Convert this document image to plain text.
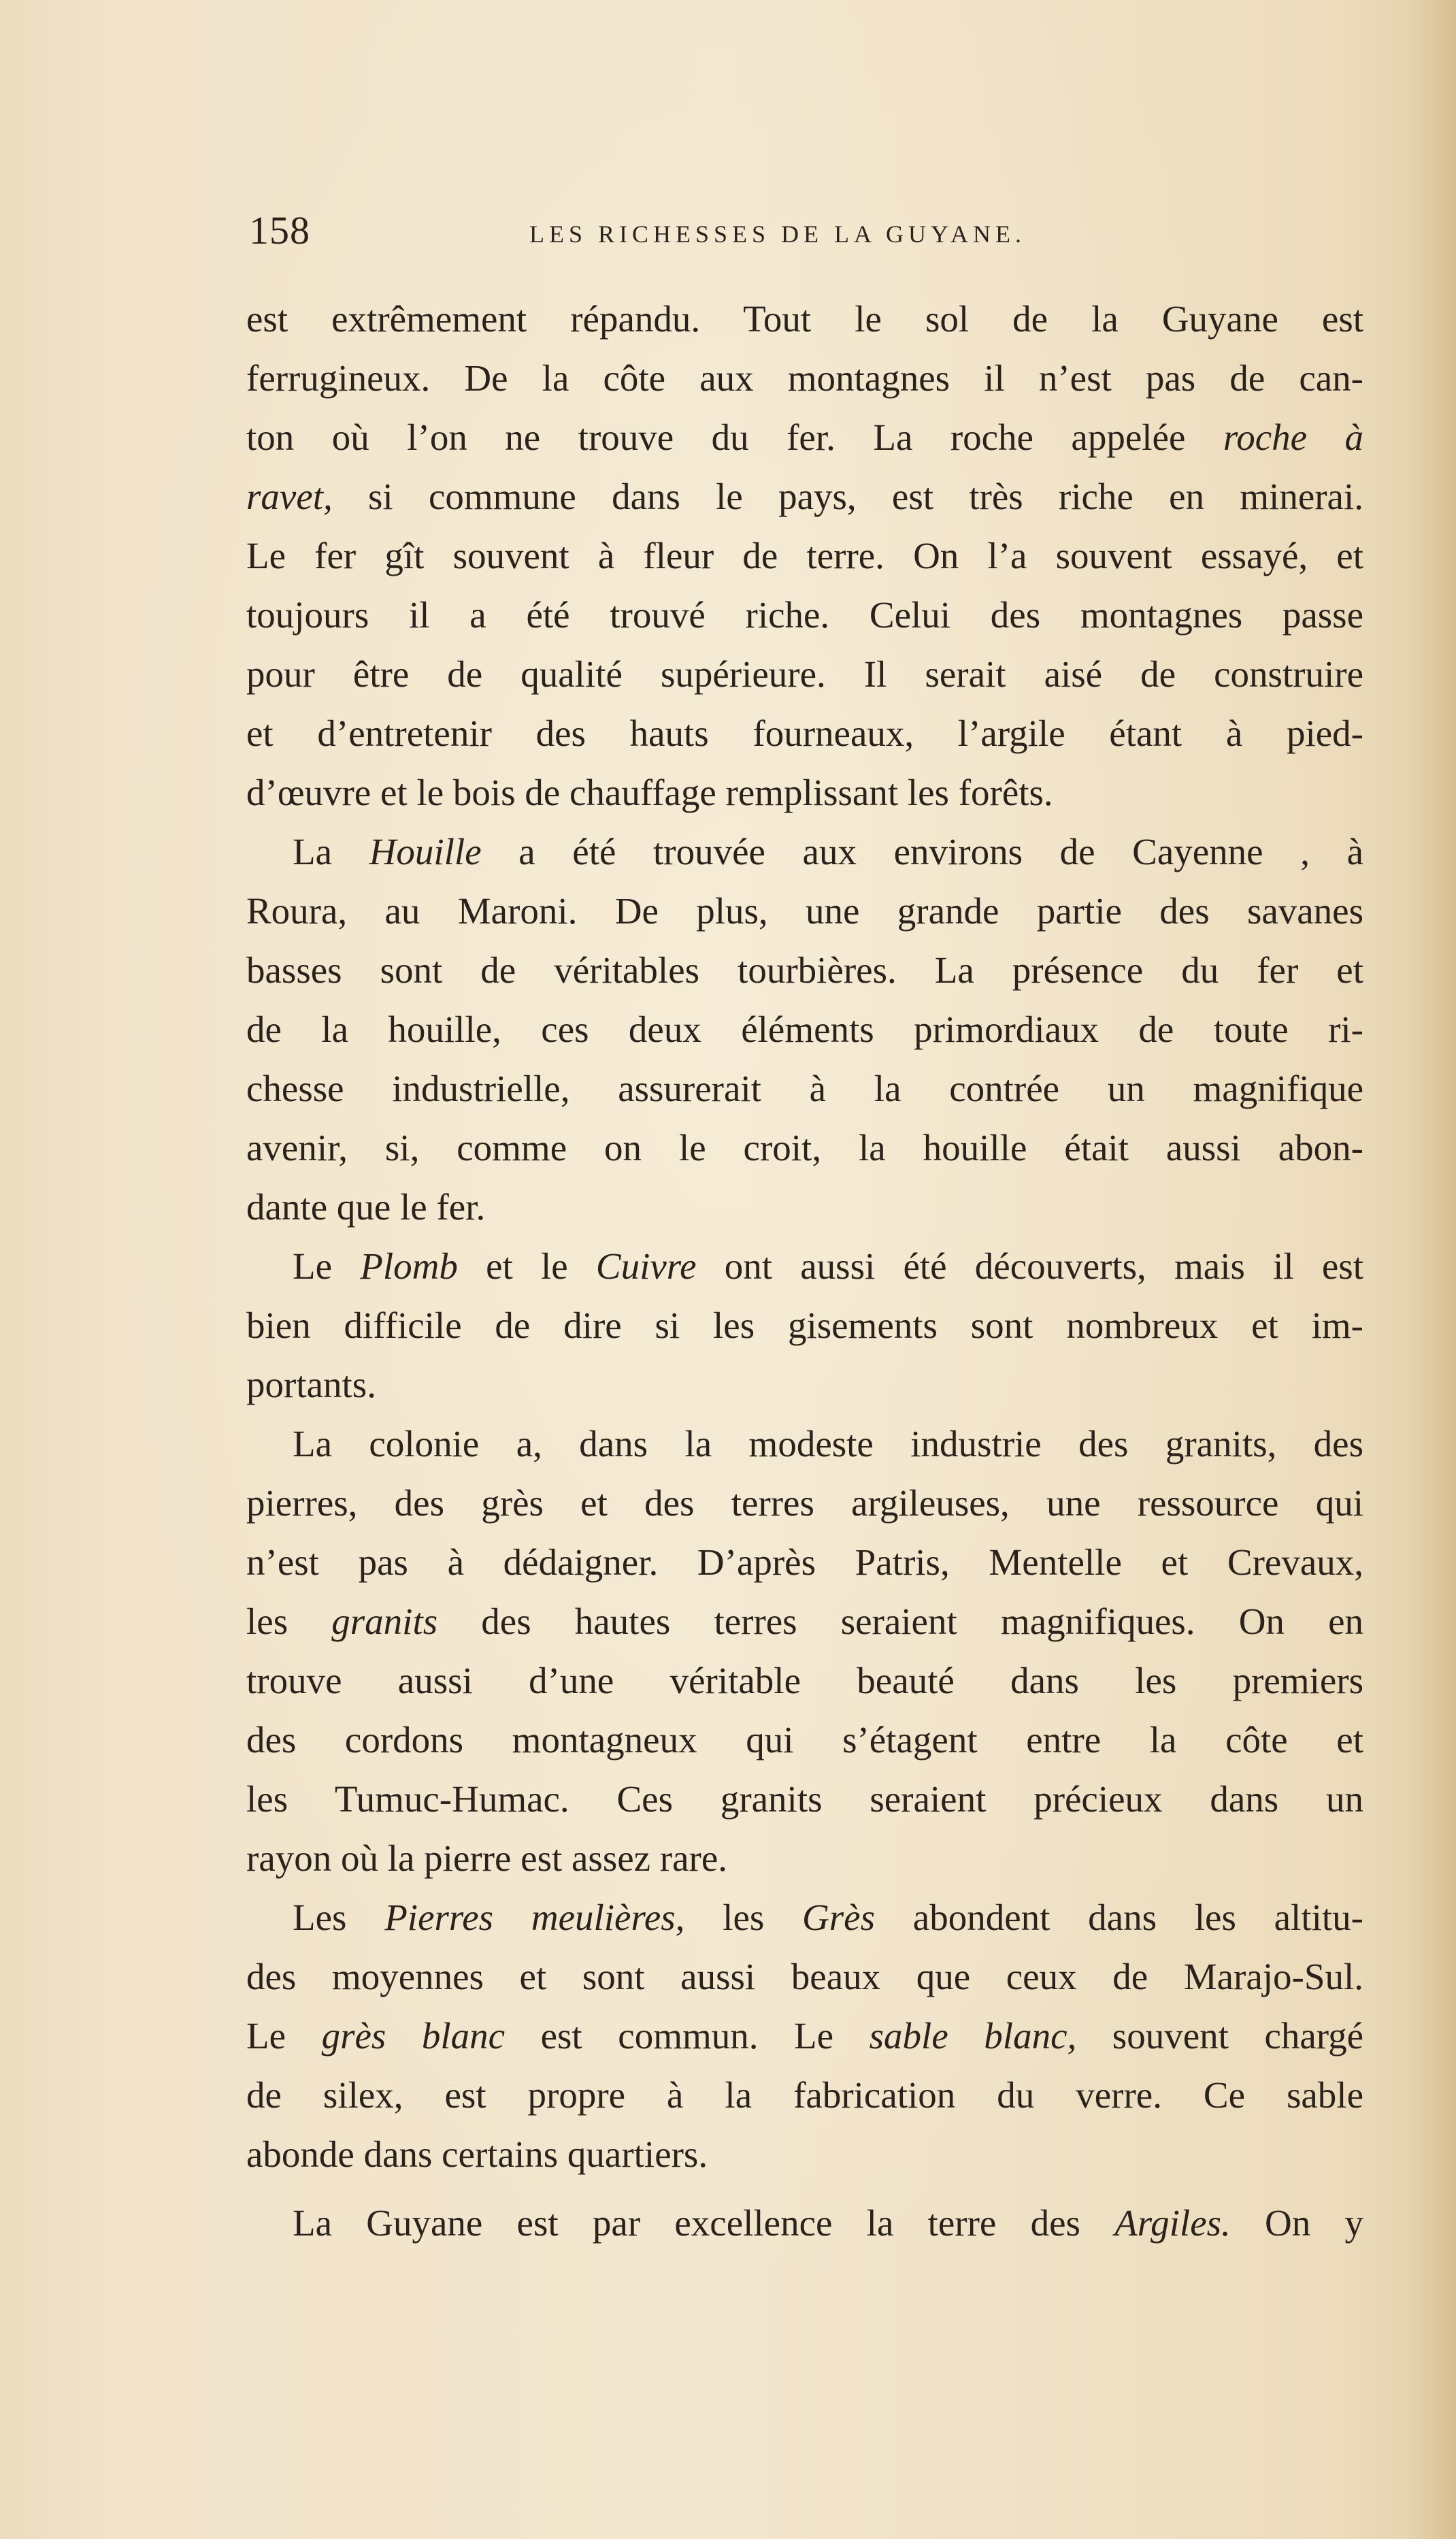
158	LES RICHESSES DE LA GUYANE.
est extrêmement répandu. Tout le sol de la Guyane est
ferrugineux. De la côte aux montagnes il n’est pas de can-
ton où l’on ne trouve du fer. La roche appelée roche à
ravet, si commune dans le pays, est très riche en minerai.
Le fer gît souvent à fleur de terre. On l’a souvent essayé, et
toujours il a été trouvé riche. Celui des montagnes passe
pour être de qualité supérieure. Il serait aisé de construire
et d’entretenir des hauts fourneaux, l’argile étant à pied-
d’œuvre et le bois de chauffage remplissant les forêts.
La Houille a été trouvée aux environs de Cayenne , à
Roura, au Maroni. De plus, une grande partie des savanes
basses sont de véritables tourbières. La présence du fer et
de la houille, ces deux éléments primordiaux de toute ri-
chesse industrielle, assurerait à la contrée un magnifique
avenir, si, comme on le croit, la houille était aussi abon-
dante que le fer.
Le Plomb et le Cuivre ont aussi été découverts, mais il est
bien difficile de dire si les gisements sont nombreux et im-
portants.
La colonie a, dans la modeste industrie des granits, des
pierres, des grès et des terres argileuses, une ressource qui
n’est pas à dédaigner. D’après Patris, Mentelle et Crevaux,
les granits des hautes terres seraient magnifiques. On en
trouve aussi d’une véritable beauté dans les premiers
des cordons montagneux qui s’étagent entre la côte et
les Tumuc-Humac. Ces granits seraient précieux dans un
rayon où la pierre est assez rare.
Les Pierres meulières, les Grès abondent dans les altitu-
des moyennes et sont aussi beaux que ceux de Marajo-Sul.
Le grès blanc est commun. Le sable blanc, souvent chargé
de silex, est propre à la fabrication du verre. Ce sable
abonde dans certains quartiers.
La Guyane est par excellence la terre des Argiles. On y
